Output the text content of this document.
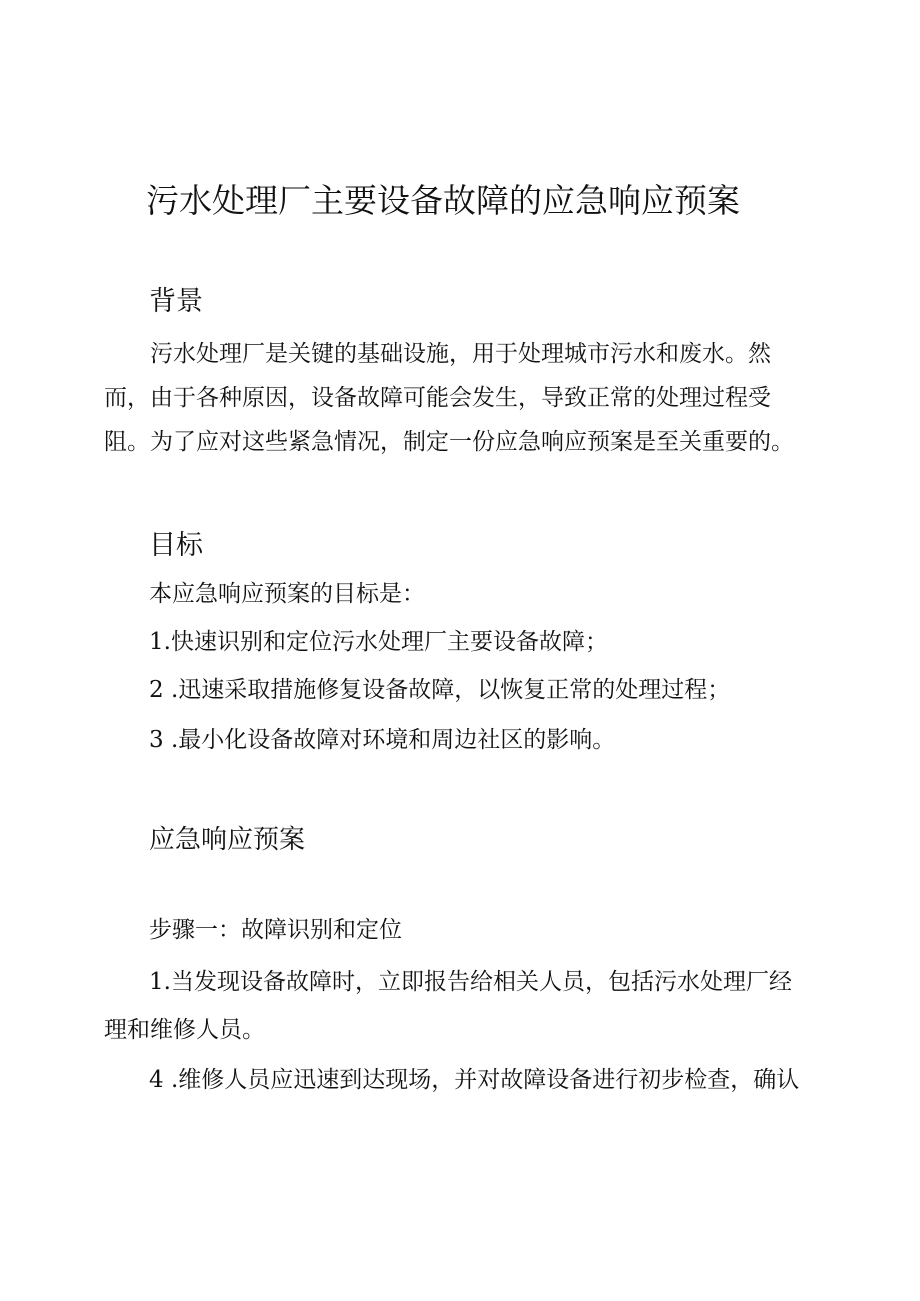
污水处理厂主要设备故障的应急响应预案
背景
污水处理厂是关键的基础设施，用于处理城市污水和废水。然
而，由于各种原因，设备故障可能会发生，导致正常的处理过程受
阻。为了应对这些紧急情况，制定一份应急响应预案是至关重要的。
目标
本应急响应预案的目标是：
1.快速识别和定位污水处理厂主要设备故障；
2 .迅速采取措施修复设备故障，以恢复正常的处理过程；
3 .最小化设备故障对环境和周边社区的影响。
应急响应预案
步骤一：故障识别和定位
1.当发现设备故障时，立即报告给相关人员，包括污水处理厂经
理和维修人员。
4 .维修人员应迅速到达现场，并对故障设备进行初步检查，确认
